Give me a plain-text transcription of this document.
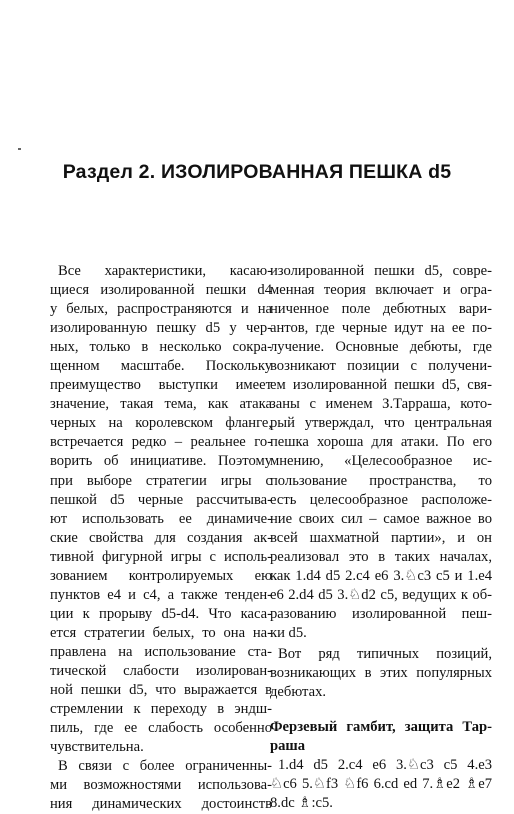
Раздел 2. ИЗОЛИРОВАННАЯ ПЕШКА d5

Все характеристики, касаю-
щиеся изолированной пешки d4
у белых, распространяются и на
изолированную пешку d5 у чер-
ных, только в несколько сокра-
щенном масштабе. Поскольку
преимущество выступки имеет
значение, такая тема, как атака
черных на королевском фланге,
встречается редко – реальнее го-
ворить об инициативе. Поэтому
при выборе стратегии игры с
пешкой d5 черные рассчитыва-
ют использовать ее динамиче-
ские свойства для создания ак-
тивной фигурной игры с исполь-
зованием контролируемых ею
пунктов e4 и c4, а также тенден-
ции к прорыву d5-d4. Что каса-
ется стратегии белых, то она на-
правлена на использование ста-
тической слабости изолирован-
ной пешки d5, что выражается в
стремлении к переходу в эндш-
пиль, где ее слабость особенно
чувствительна.

В связи с более ограниченны-
ми возможностями использова-
ния динамических достоинств

изолированной пешки d5, совре-
менная теория включает и огра-
ниченное поле дебютных вари-
антов, где черные идут на ее по-
лучение. Основные дебюты, где
возникают позиции с получени-
ем изолированной пешки d5, свя-
заны с именем З.Тарраша, кото-
рый утверждал, что центральная
пешка хороша для атаки. По его
мнению, «Целесообразное ис-
пользование пространства, то
есть целесообразное расположе-
ние своих сил – самое важное во
всей шахматной партии», и он
реализовал это в таких началах,
как 1.d4 d5 2.c4 e6 3.♘c3 c5 и 1.e4
e6 2.d4 d5 3.♘d2 c5, ведущих к об-
разованию изолированной пеш-
ки d5.

Вот ряд типичных позиций,
возникающих в этих популярных
дебютах.

Ферзевый гамбит, защита Тар-
раша

1.d4 d5 2.c4 e6 3.♘c3 c5 4.e3
♘c6 5.♘f3 ♘f6 6.cd ed 7.♗e2 ♗e7
8.dc ♗:c5.
